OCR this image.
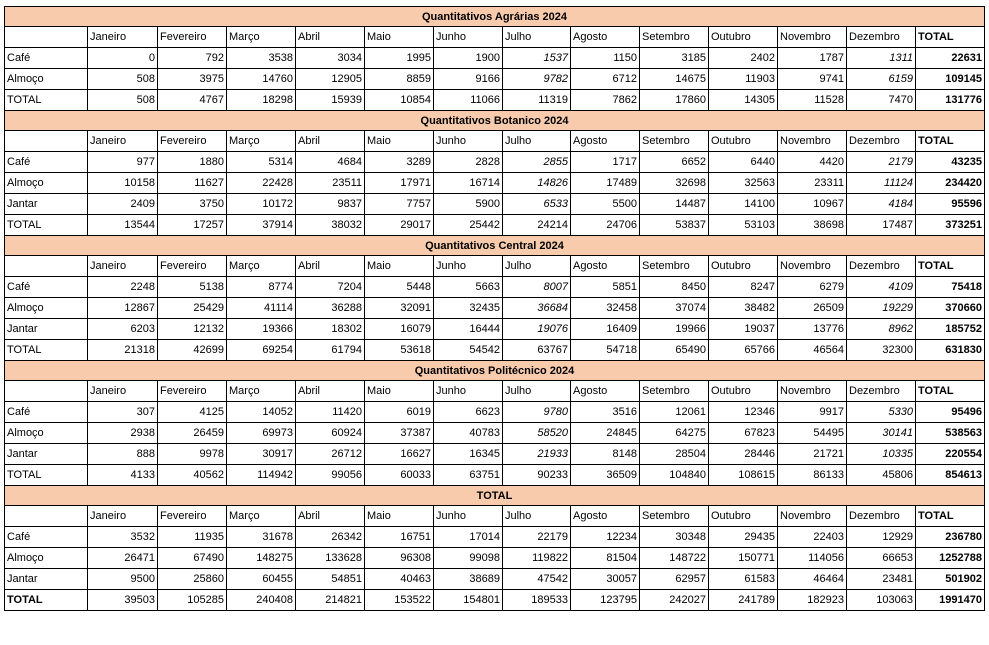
Quantitativos Agrárias 2024													
	Janeiro	Fevereiro	Março	Abril	Maio	Junho	Julho	Agosto	Setembro	Outubro	Novembro	Dezembro	TOTAL
Café	0	792	3538	3034	1995	1900	1537	1150	3185	2402	1787	1311	22631
Almoço	508	3975	14760	12905	8859	9166	9782	6712	14675	11903	9741	6159	109145
TOTAL	508	4767	18298	15939	10854	11066	11319	7862	17860	14305	11528	7470	131776
Quantitativos Botanico 2024													
	Janeiro	Fevereiro	Março	Abril	Maio	Junho	Julho	Agosto	Setembro	Outubro	Novembro	Dezembro	TOTAL
Café	977	1880	5314	4684	3289	2828	2855	1717	6652	6440	4420	2179	43235
Almoço	10158	11627	22428	23511	17971	16714	14826	17489	32698	32563	23311	11124	234420
Jantar	2409	3750	10172	9837	7757	5900	6533	5500	14487	14100	10967	4184	95596
TOTAL	13544	17257	37914	38032	29017	25442	24214	24706	53837	53103	38698	17487	373251
Quantitativos Central 2024													
	Janeiro	Fevereiro	Março	Abril	Maio	Junho	Julho	Agosto	Setembro	Outubro	Novembro	Dezembro	TOTAL
Café	2248	5138	8774	7204	5448	5663	8007	5851	8450	8247	6279	4109	75418
Almoço	12867	25429	41114	36288	32091	32435	36684	32458	37074	38482	26509	19229	370660
Jantar	6203	12132	19366	18302	16079	16444	19076	16409	19966	19037	13776	8962	185752
TOTAL	21318	42699	69254	61794	53618	54542	63767	54718	65490	65766	46564	32300	631830
Quantitativos Politécnico 2024													
	Janeiro	Fevereiro	Março	Abril	Maio	Junho	Julho	Agosto	Setembro	Outubro	Novembro	Dezembro	TOTAL
Café	307	4125	14052	11420	6019	6623	9780	3516	12061	12346	9917	5330	95496
Almoço	2938	26459	69973	60924	37387	40783	58520	24845	64275	67823	54495	30141	538563
Jantar	888	9978	30917	26712	16627	16345	21933	8148	28504	28446	21721	10335	220554
TOTAL	4133	40562	114942	99056	60033	63751	90233	36509	104840	108615	86133	45806	854613
TOTAL													
	Janeiro	Fevereiro	Março	Abril	Maio	Junho	Julho	Agosto	Setembro	Outubro	Novembro	Dezembro	TOTAL
Café	3532	11935	31678	26342	16751	17014	22179	12234	30348	29435	22403	12929	236780
Almoço	26471	67490	148275	133628	96308	99098	119822	81504	148722	150771	114056	66653	1252788
Jantar	9500	25860	60455	54851	40463	38689	47542	30057	62957	61583	46464	23481	501902
TOTAL	39503	105285	240408	214821	153522	154801	189533	123795	242027	241789	182923	103063	1991470
